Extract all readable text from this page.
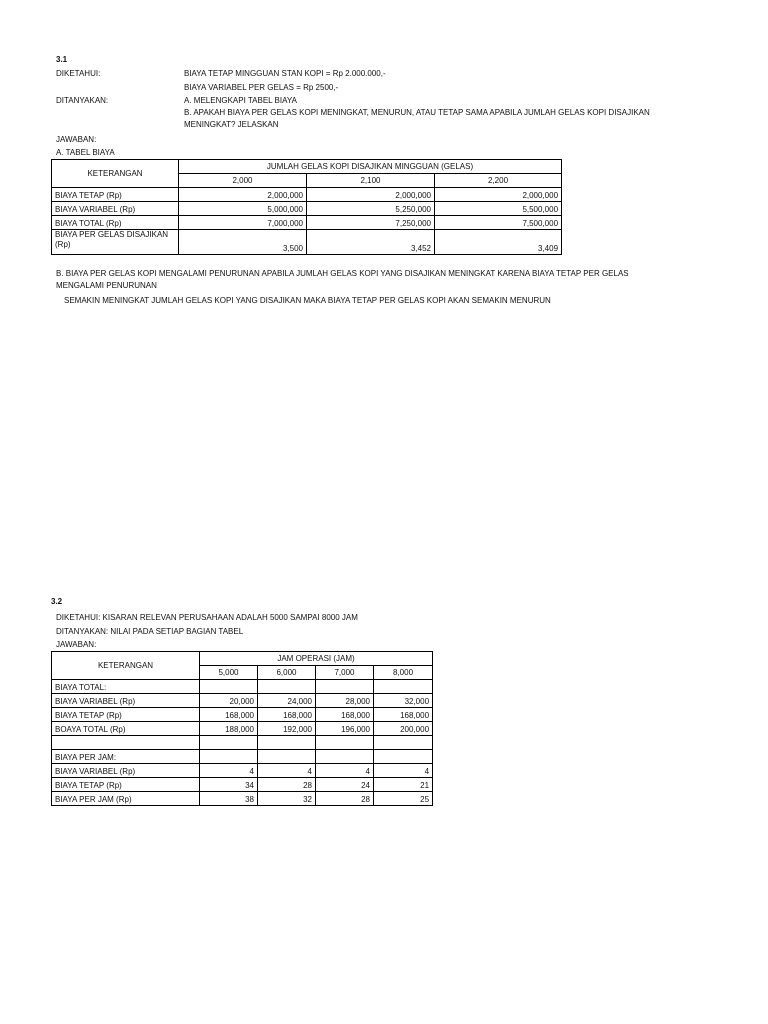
3.1
DIKETAHUI:	BIAYA TETAP MINGGUAN STAN KOPI = Rp 2.000.000,-
BIAYA VARIABEL PER GELAS = Rp 2500,-
DITANYAKAN:	A. MELENGKAPI TABEL BIAYA
B. APAKAH BIAYA PER GELAS KOPI MENINGKAT, MENURUN, ATAU TETAP SAMA APABILA JUMLAH GELAS KOPI DISAJIKAN
MENINGKAT? JELASKAN
JAWABAN:
A. TABEL BIAYA
KETERANGAN	JUMLAH GELAS KOPI DISAJIKAN MINGGUAN (GELAS)		
	2,000	2,100	2,200
BIAYA TETAP (Rp)	2,000,000	2,000,000	2,000,000
BIAYA VARIABEL (Rp)	5,000,000	5,250,000	5,500,000
BIAYA TOTAL (Rp)	7,000,000	7,250,000	7,500,000
BIAYA PER GELAS DISAJIKAN
(Rp)	3,500	3,452	3,409
B. BIAYA PER GELAS KOPI MENGALAMI PENURUNAN APABILA JUMLAH GELAS KOPI YANG DISAJIKAN MENINGKAT KARENA BIAYA TETAP PER GELAS
MENGALAMI PENURUNAN
SEMAKIN MENINGKAT JUMLAH GELAS KOPI YANG DISAJIKAN MAKA BIAYA TETAP PER GELAS KOPI AKAN SEMAKIN MENURUN
3.2
DIKETAHUI: KISARAN RELEVAN PERUSAHAAN ADALAH 5000 SAMPAI 8000 JAM
DITANYAKAN: NILAI PADA SETIAP BAGIAN TABEL
JAWABAN:
KETERANGAN	JAM OPERASI (JAM)			
	5,000	6,000	7,000	8,000
BIAYA TOTAL:				
BIAYA VARIABEL (Rp)	20,000	24,000	28,000	32,000
BIAYA TETAP (Rp)	168,000	168,000	168,000	168,000
BOAYA TOTAL (Rp)	188,000	192,000	196,000	200,000

BIAYA PER JAM:				
BIAYA VARIABEL (Rp)	4	4	4	4
BIAYA TETAP (Rp)	34	28	24	21
BIAYA PER JAM (Rp)	38	32	28	25
